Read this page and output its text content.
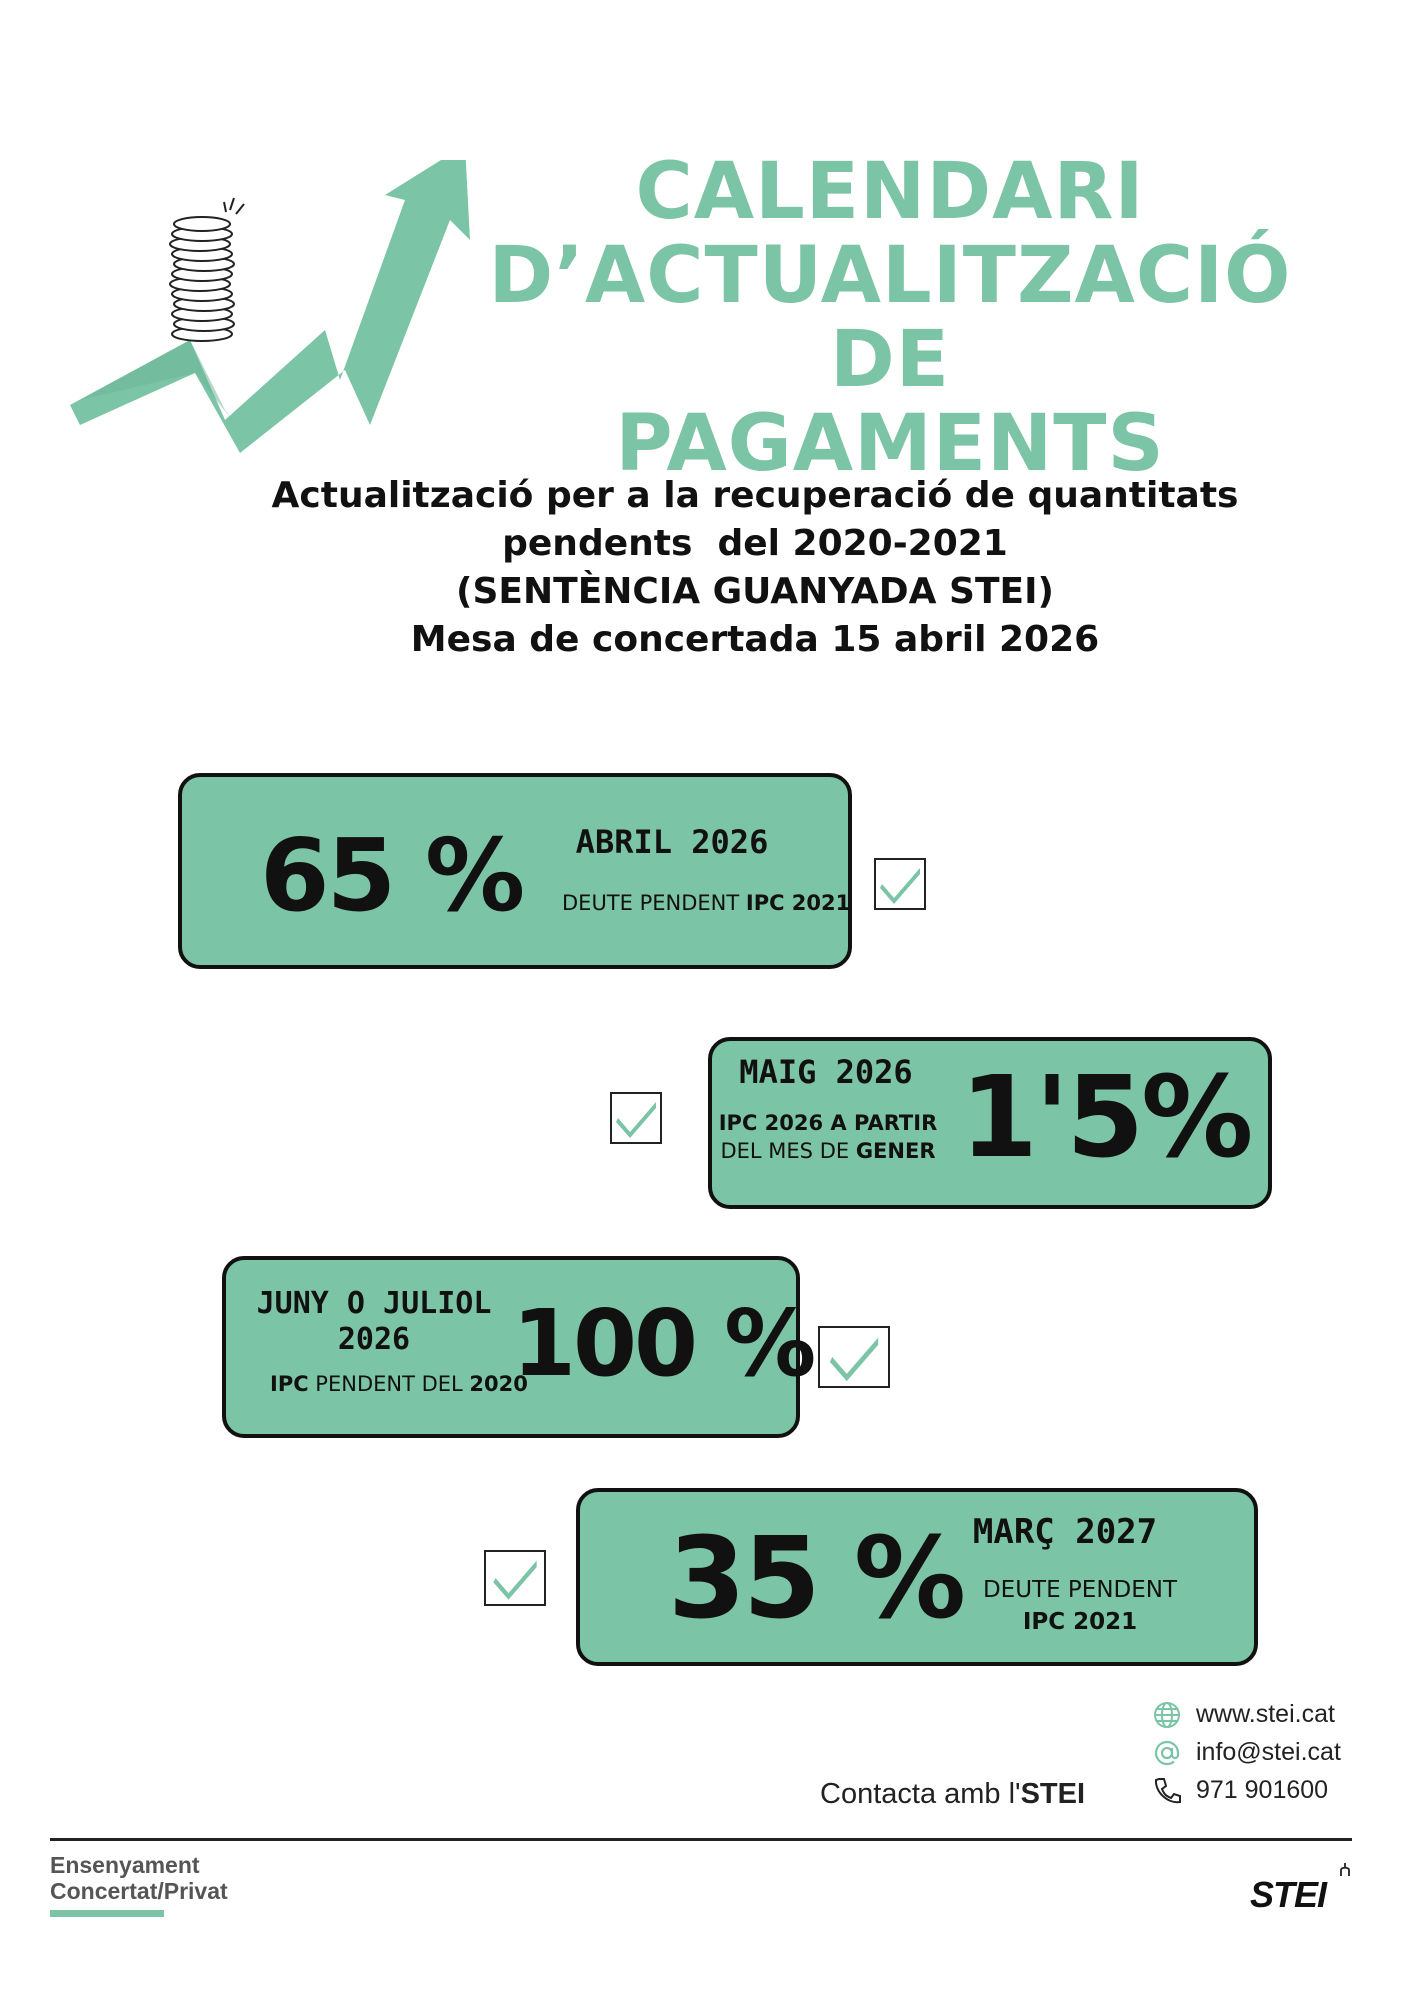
CALENDARI
D’ACTUALITZACIÓ DE
PAGAMENTS
Actualització per a la recuperació de quantitats
pendents  del 2020-2021
(SENTÈNCIA GUANYADA STEI)
Mesa de concertada 15 abril 2026
65 %	ABRIL 2026
DEUTE PENDENT IPC 2021
MAIG 2026
IPC 2026 A PARTIR
DEL MES DE GENER 1'5%
JUNY O JULIOL
2026
IPC PENDENT DEL 2020
100 %
35 % MARÇ 2027
DEUTE PENDENT
IPC 2021
Contacta amb l'STEI
www.stei.cat
info@stei.cat
971 901600
Ensenyament
Concertat/Privat	STEI
